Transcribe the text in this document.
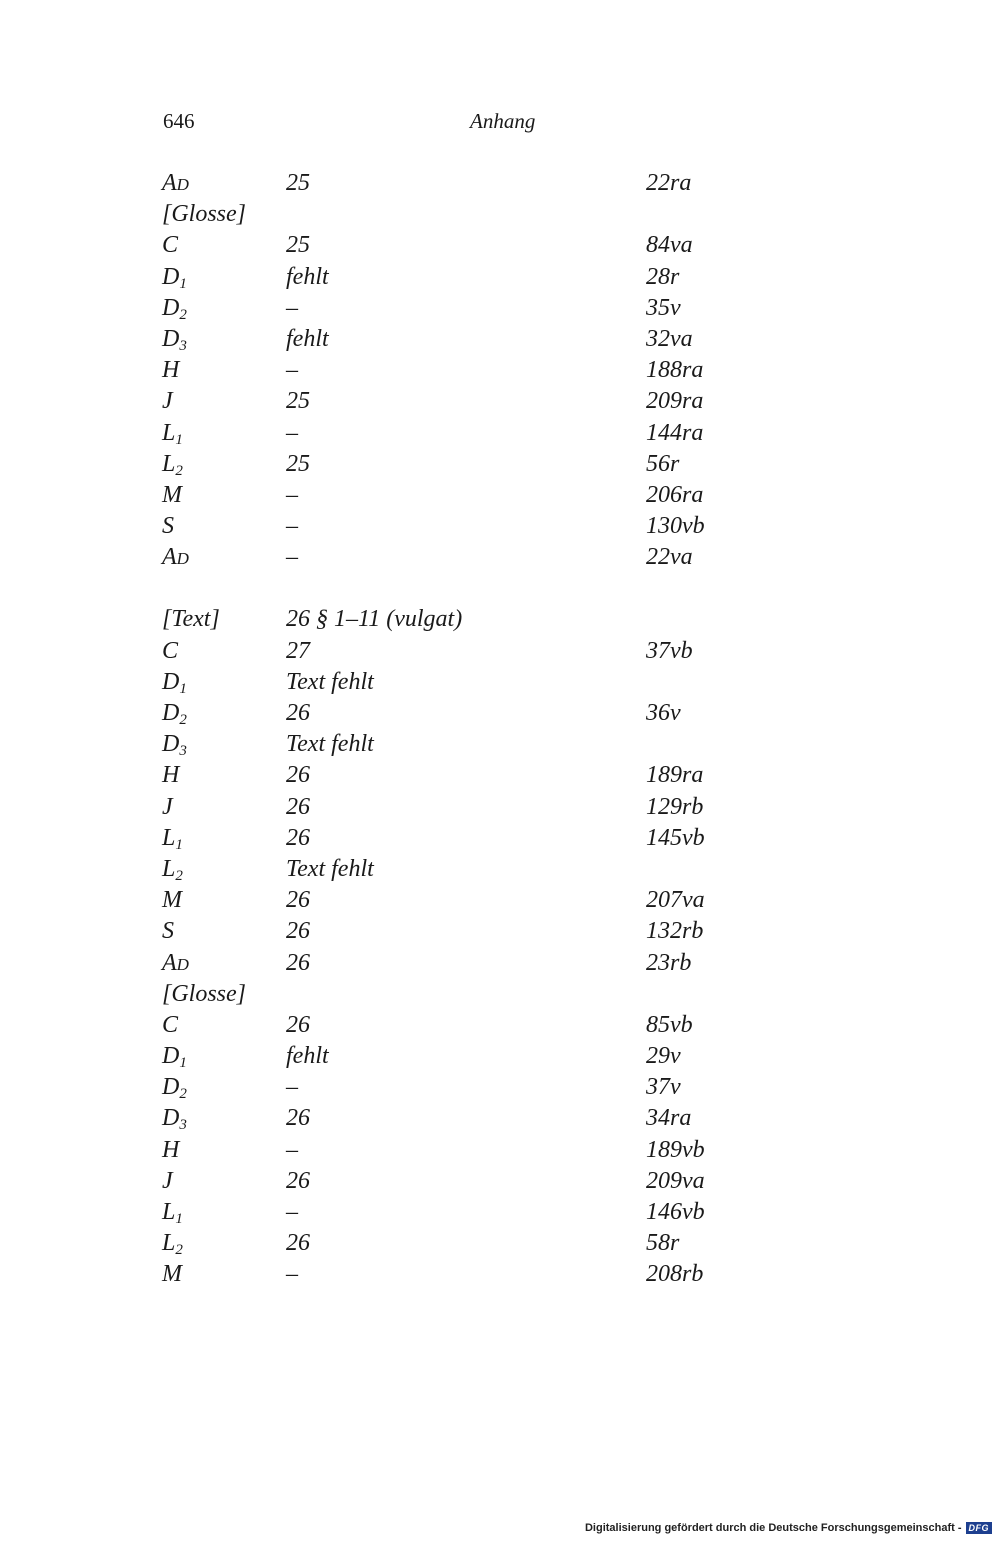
646	Anhang
AD	25	22ra
[Glosse]
C	25	84va
$D_1$	fehlt	28r
$D_2$	–	35v
$D_3$	fehlt	32va
H	–	188ra
J	25	209ra
$L_1$	–	144ra
$L_2$	25	56r
M	–	206ra
S	–	130vb
AD	–	22va
[Text]	26 § 1–11 (vulgat)
C	27	37vb
$D_1$	Text fehlt
$D_2$	26	36v
$D_3$	Text fehlt
H	26	189ra
J	26	129rb
$L_1$	26	145vb
$L_2$	Text fehlt
M	26	207va
S	26	132rb
AD	26	23rb
[Glosse]
C	26	85vb
$D_1$	fehlt	29v
$D_2$	–	37v
$D_3$	26	34ra
H	–	189vb
J	26	209va
$L_1$	–	146vb
$L_2$	26	58r
M	–	208rb
Digitalisierung gefördert durch die Deutsche Forschungsgemeinschaft - DFG
